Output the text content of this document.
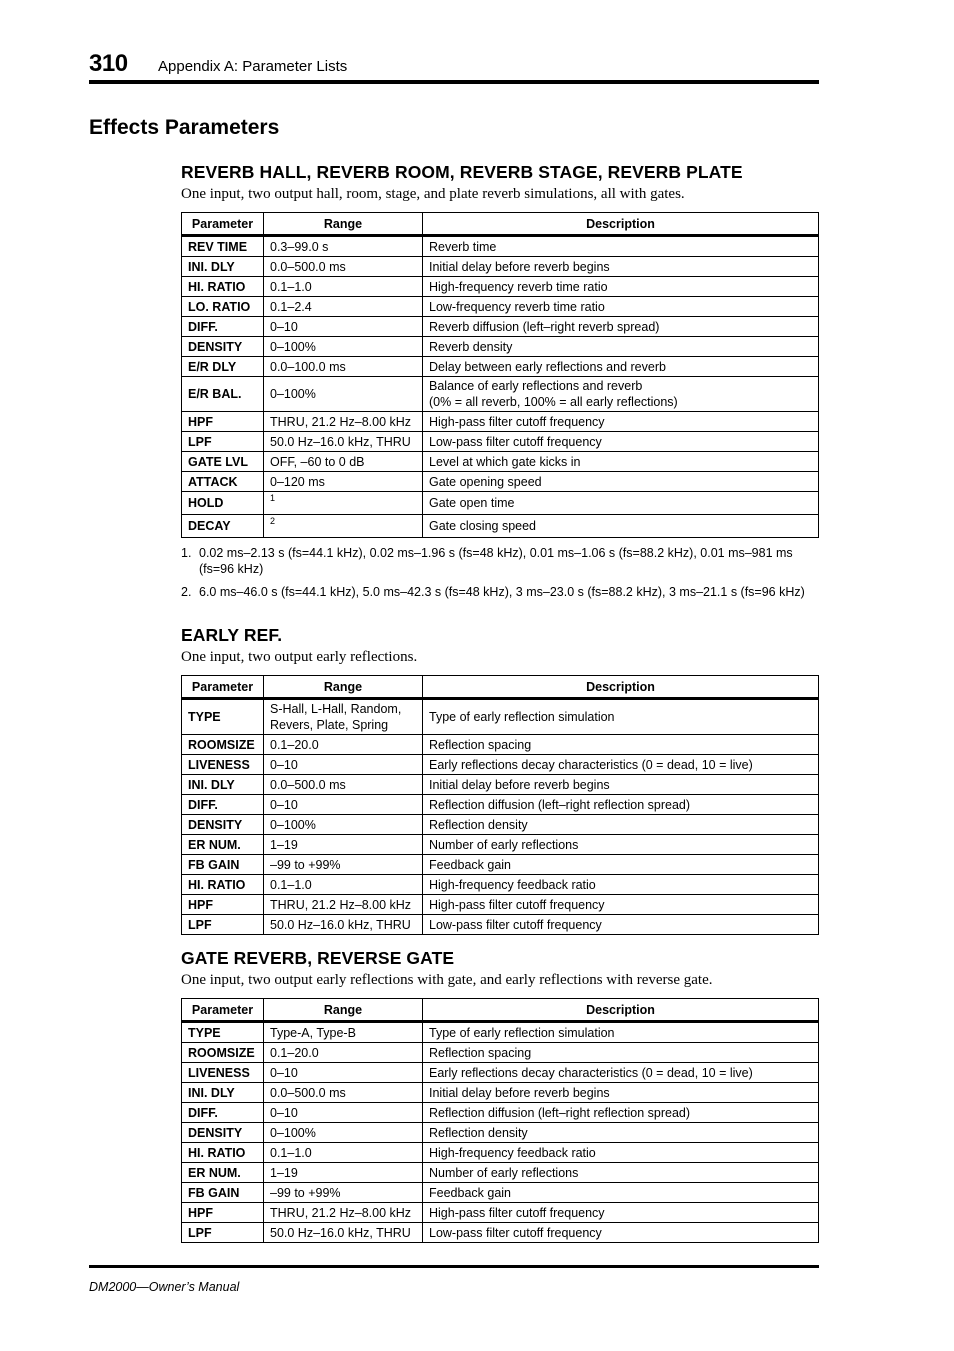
310 Appendix A: Parameter Lists
Effects Parameters
REVERB HALL, REVERB ROOM, REVERB STAGE, REVERB PLATE

One input, two output hall, room, stage, and plate reverb simulations, all with gates.

Parameter	Range	Description
REV TIME	0.3–99.0 s	Reverb time
INI. DLY	0.0–500.0 ms	Initial delay before reverb begins
HI. RATIO	0.1–1.0	High-frequency reverb time ratio
LO. RATIO	0.1–2.4	Low-frequency reverb time ratio
DIFF.	0–10	Reverb diffusion (left–right reverb spread)
DENSITY	0–100%	Reverb density
E/R DLY	0.0–100.0 ms	Delay between early reflections and reverb
E/R BAL.	0–100%	Balance of early reflections and reverb
(0% = all reverb, 100% = all early reflections)
HPF	THRU, 21.2 Hz–8.00 kHz	High-pass filter cutoff frequency
LPF	50.0 Hz–16.0 kHz, THRU	Low-pass filter cutoff frequency
GATE LVL	OFF, –60 to 0 dB	Level at which gate kicks in
ATTACK	0–120 ms	Gate opening speed
HOLD	$^1$	Gate open time
DECAY	$^2$	Gate closing speed
1. 0.02 ms–2.13 s (fs=44.1 kHz), 0.02 ms–1.96 s (fs=48 kHz), 0.01 ms–1.06 s (fs=88.2 kHz), 0.01 ms–981 ms (fs=96 kHz)
2. 6.0 ms–46.0 s (fs=44.1 kHz), 5.0 ms–42.3 s (fs=48 kHz), 3 ms–23.0 s (fs=88.2 kHz), 3 ms–21.1 s (fs=96 kHz)
EARLY REF.

One input, two output early reflections.

Parameter	Range	Description
TYPE	S-Hall, L-Hall, Random,
Revers, Plate, Spring	Type of early reflection simulation
ROOMSIZE	0.1–20.0	Reflection spacing
LIVENESS	0–10	Early reflections decay characteristics (0 = dead, 10 = live)
INI. DLY	0.0–500.0 ms	Initial delay before reverb begins
DIFF.	0–10	Reflection diffusion (left–right reflection spread)
DENSITY	0–100%	Reflection density
ER NUM.	1–19	Number of early reflections
FB GAIN	–99 to +99%	Feedback gain
HI. RATIO	0.1–1.0	High-frequency feedback ratio
HPF	THRU, 21.2 Hz–8.00 kHz	High-pass filter cutoff frequency
LPF	50.0 Hz–16.0 kHz, THRU	Low-pass filter cutoff frequency
GATE REVERB, REVERSE GATE

One input, two output early reflections with gate, and early reflections with reverse gate.

Parameter	Range	Description
TYPE	Type-A, Type-B	Type of early reflection simulation
ROOMSIZE	0.1–20.0	Reflection spacing
LIVENESS	0–10	Early reflections decay characteristics (0 = dead, 10 = live)
INI. DLY	0.0–500.0 ms	Initial delay before reverb begins
DIFF.	0–10	Reflection diffusion (left–right reflection spread)
DENSITY	0–100%	Reflection density
HI. RATIO	0.1–1.0	High-frequency feedback ratio
ER NUM.	1–19	Number of early reflections
FB GAIN	–99 to +99%	Feedback gain
HPF	THRU, 21.2 Hz–8.00 kHz	High-pass filter cutoff frequency
LPF	50.0 Hz–16.0 kHz, THRU	Low-pass filter cutoff frequency
DM2000—Owner’s Manual
